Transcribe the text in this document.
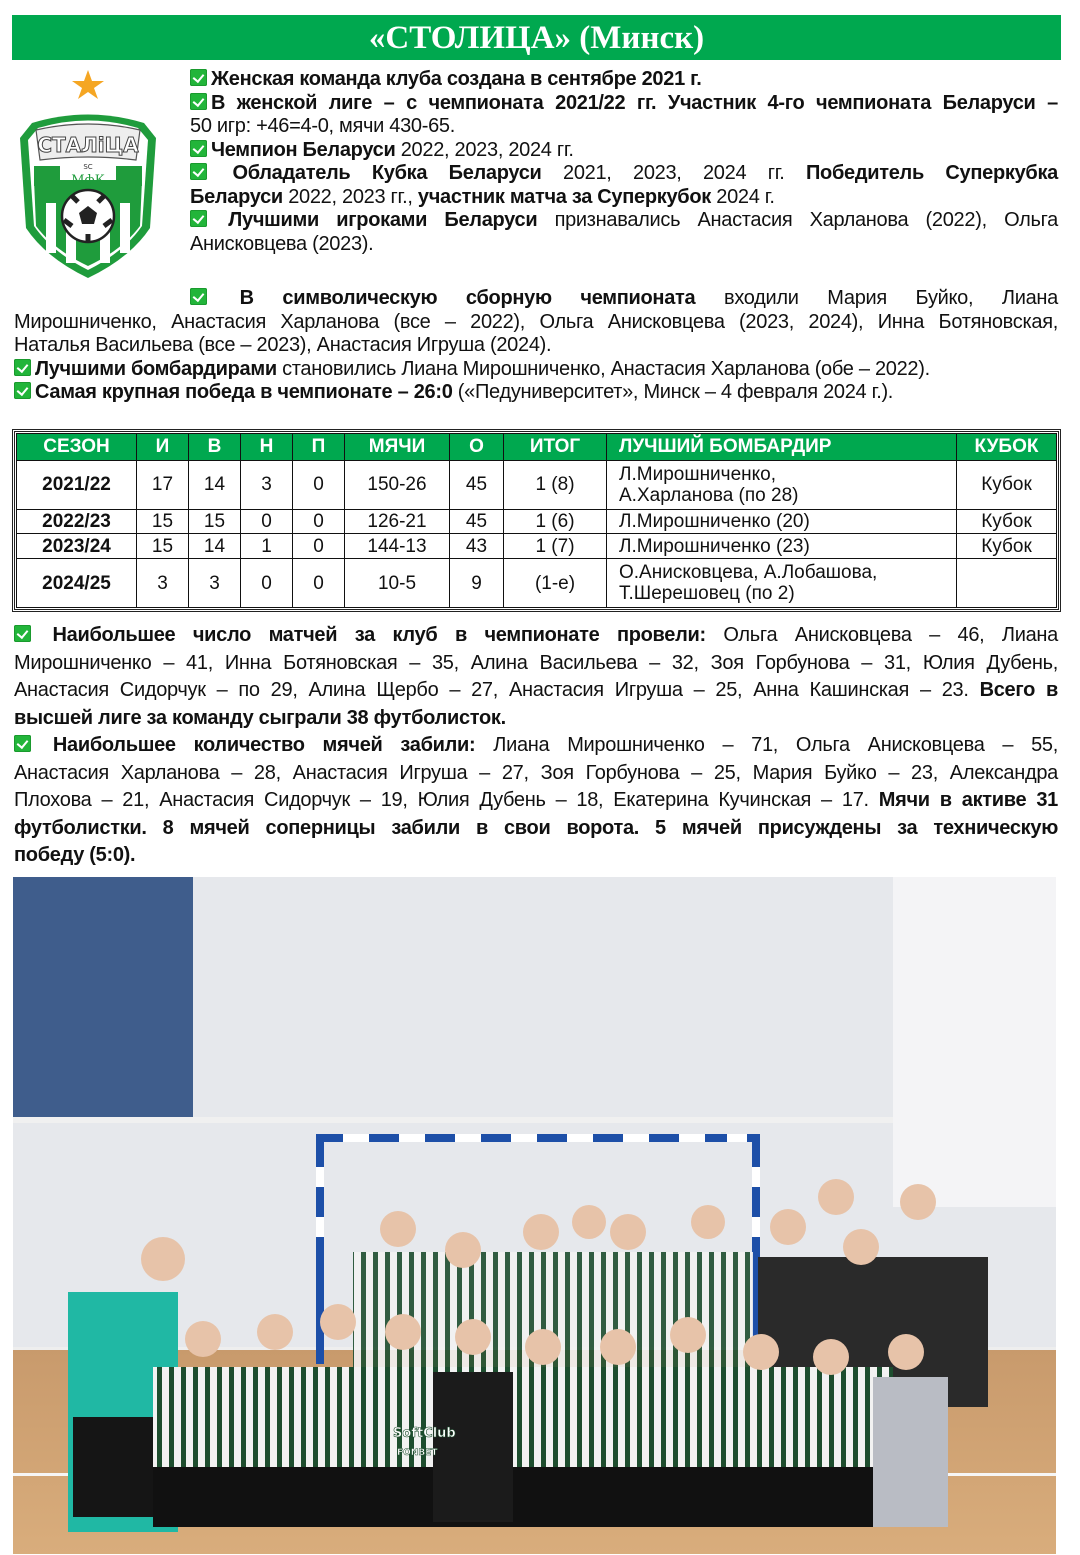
«СТОЛИЦА» (Минск)
СТАЛіЦА
SC
МфК
Женская команда клуба создана в сентябре 2021 г.
В женской лиге – с чемпионата 2021/22 гг. Участник 4-го чемпионата Беларуси –
50 игр: +46=4-0, мячи 430-65.
Чемпион Беларуси 2022, 2023, 2024 гг.
Обладатель Кубка Беларуси 2021, 2023, 2024 гг. Победитель Суперкубка
Беларуси 2022, 2023 гг., участник матча за Суперкубок 2024 г.
Лучшими игроками Беларуси признавались Анастасия Харланова (2022), Ольга
Анисковцева (2023).
В символическую сборную чемпионата входили Мария Буйко, Лиана
Мирошниченко, Анастасия Харланова (все – 2022), Ольга Анисковцева (2023, 2024), Инна Ботяновская,
Наталья Васильева (все – 2023), Анастасия Игруша (2024).
Лучшими бомбардирами становились Лиана Мирошниченко, Анастасия Харланова (обе – 2022).
Самая крупная победа в чемпионате – 26:0 («Педуниверситет», Минск – 4 февраля 2024 г.).
СЕЗОН	И	В	Н	П	МЯЧИ	О	ИТОГ	ЛУЧШИЙ БОМБАРДИР	КУБОК
2021/22	17	14	3	0	150-26	45	1 (8)	Л.Мирошниченко,
А.Харланова (по 28)	Кубок
2022/23	15	15	0	0	126-21	45	1 (6)	Л.Мирошниченко (20)	Кубок
2023/24	15	14	1	0	144-13	43	1 (7)	Л.Мирошниченко (23)	Кубок
2024/25	3	3	0	0	10-5	9	(1-е)	О.Анисковцева, А.Лобашова,
Т.Шерешовец (по 2)	
Наибольшее число матчей за клуб в чемпионате провели: Ольга Анисковцева – 46, Лиана
Мирошниченко – 41, Инна Ботяновская – 35, Алина Васильева – 32, Зоя Горбунова – 31, Юлия Дубень,
Анастасия Сидорчук – по 29, Алина Щербо – 27, Анастасия Игруша – 25, Анна Кашинская – 23. Всего в
высшей лиге за команду сыграли 38 футболисток.
Наибольшее количество мячей забили: Лиана Мирошниченко – 71, Ольга Анисковцева – 55,
Анастасия Харланова – 28, Анастасия Игруша – 27, Зоя Горбунова – 25, Мария Буйко – 23, Александра
Плохова – 21, Анастасия Сидорчук – 19, Юлия Дубень – 18, Екатерина Кучинская – 17. Мячи в активе 31
футболистки. 8 мячей соперницы забили в свои ворота. 5 мячей присуждены за техническую
победу (5:0).
SoftClub
FONBET
